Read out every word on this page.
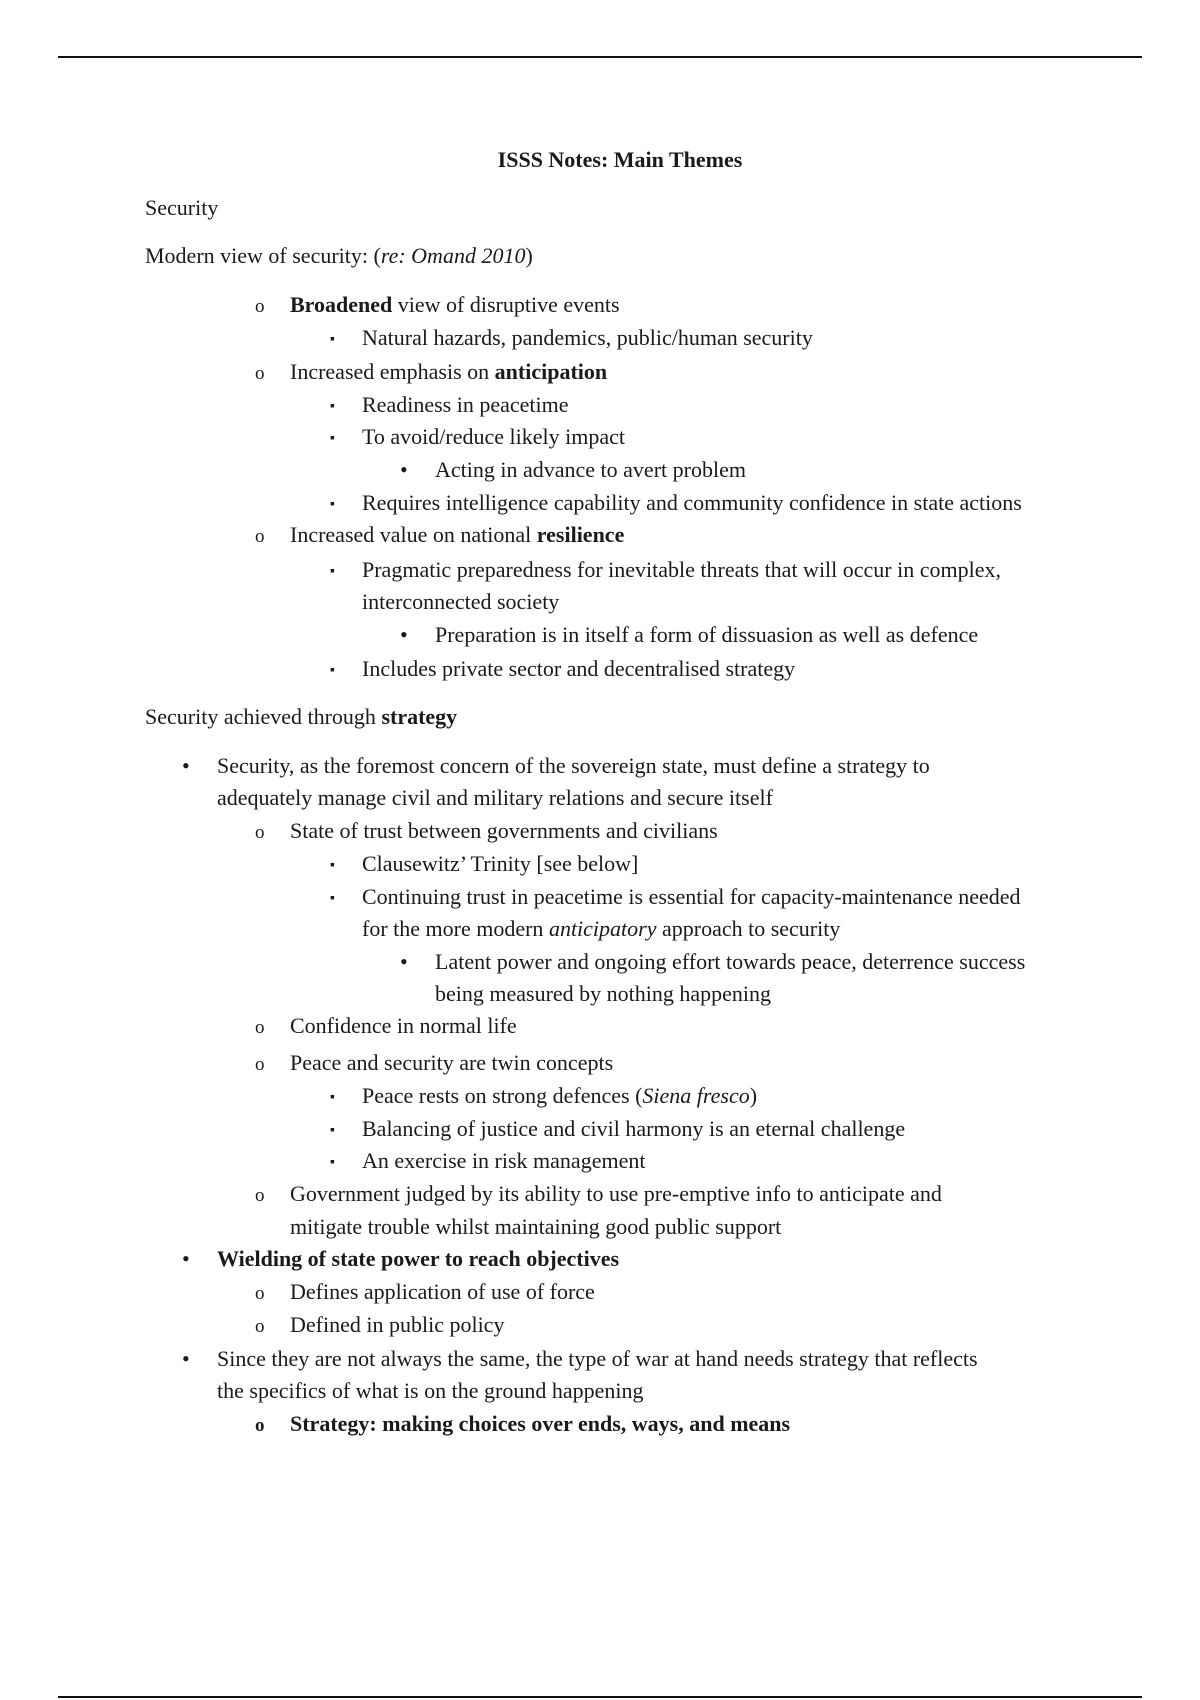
ISSS Notes: Main Themes
Security
Modern view of security: (re: Omand 2010)
o Broadened view of disruptive events
▪ Natural hazards, pandemics, public/human security
o Increased emphasis on anticipation
▪ Readiness in peacetime
▪ To avoid/reduce likely impact
• Acting in advance to avert problem
▪ Requires intelligence capability and community confidence in state actions
o Increased value on national resilience
▪ Pragmatic preparedness for inevitable threats that will occur in complex,
interconnected society
• Preparation is in itself a form of dissuasion as well as defence
▪ Includes private sector and decentralised strategy
Security achieved through strategy
• Security, as the foremost concern of the sovereign state, must define a strategy to
adequately manage civil and military relations and secure itself
o State of trust between governments and civilians
▪ Clausewitz’ Trinity [see below]
▪ Continuing trust in peacetime is essential for capacity-maintenance needed
for the more modern anticipatory approach to security
• Latent power and ongoing effort towards peace, deterrence success
being measured by nothing happening
o Confidence in normal life
o Peace and security are twin concepts
▪ Peace rests on strong defences (Siena fresco)
▪ Balancing of justice and civil harmony is an eternal challenge
▪ An exercise in risk management
o Government judged by its ability to use pre-emptive info to anticipate and
mitigate trouble whilst maintaining good public support
• Wielding of state power to reach objectives
o Defines application of use of force
o Defined in public policy
• Since they are not always the same, the type of war at hand needs strategy that reflects
the specifics of what is on the ground happening
o Strategy: making choices over ends, ways, and means
